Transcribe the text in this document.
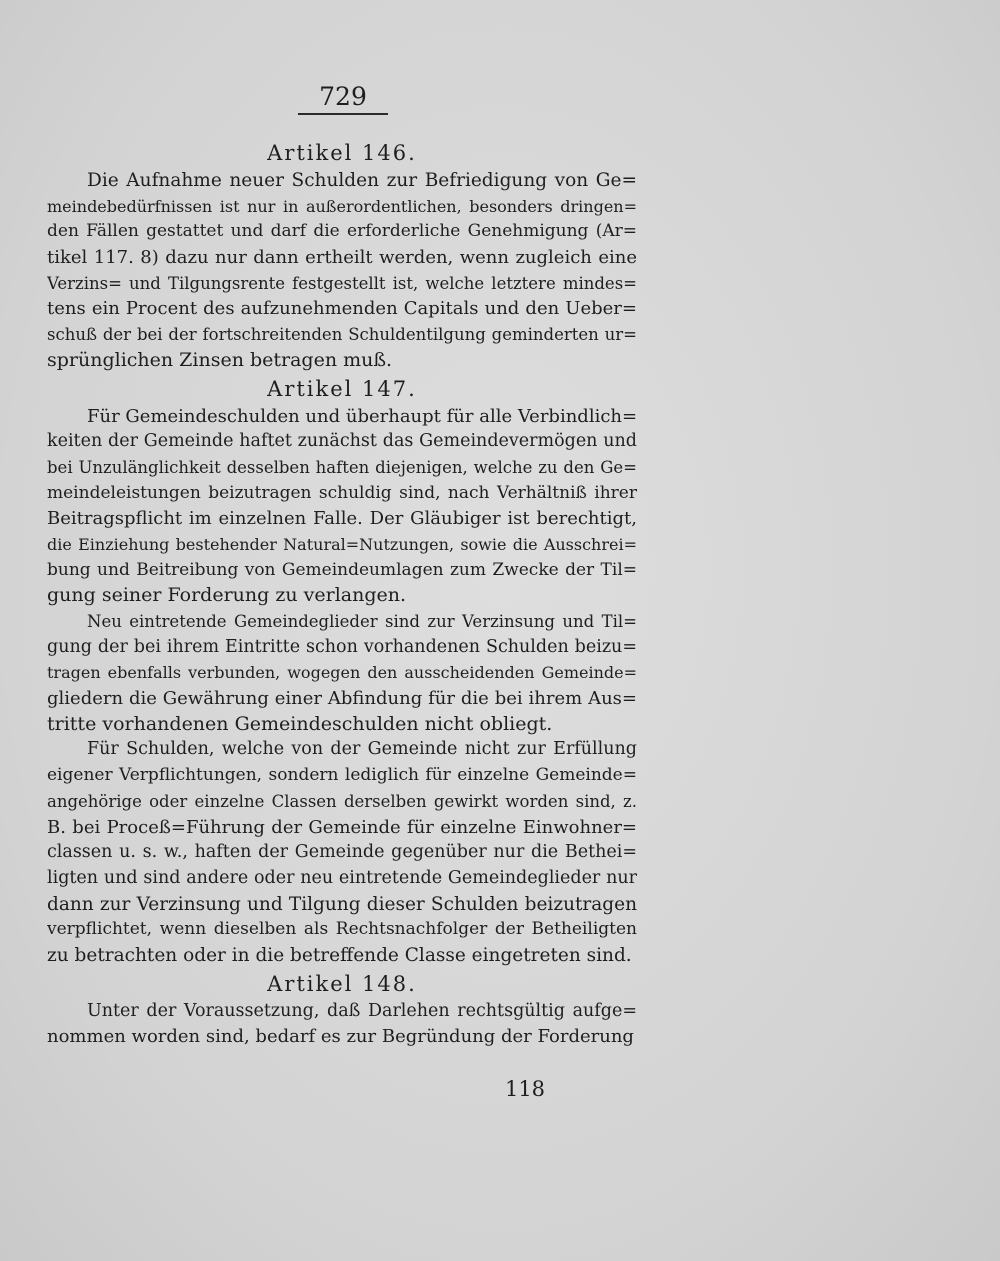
729
Artikel 146.
Die Aufnahme neuer Schulden zur Befriedigung von Ge=
meindebedürfnissen ist nur in außerordentlichen, besonders dringen=
den Fällen gestattet und darf die erforderliche Genehmigung (Ar=
tikel 117. 8) dazu nur dann ertheilt werden, wenn zugleich eine
Verzins= und Tilgungsrente festgestellt ist, welche letztere mindes=
tens ein Procent des aufzunehmenden Capitals und den Ueber=
schuß der bei der fortschreitenden Schuldentilgung geminderten ur=
sprünglichen Zinsen betragen muß.
Artikel 147.
Für Gemeindeschulden und überhaupt für alle Verbindlich=
keiten der Gemeinde haftet zunächst das Gemeindevermögen und
bei Unzulänglichkeit desselben haften diejenigen, welche zu den Ge=
meindeleistungen beizutragen schuldig sind, nach Verhältniß ihrer
Beitragspflicht im einzelnen Falle. Der Gläubiger ist berechtigt,
die Einziehung bestehender Natural=Nutzungen, sowie die Ausschrei=
bung und Beitreibung von Gemeindeumlagen zum Zwecke der Til=
gung seiner Forderung zu verlangen.
Neu eintretende Gemeindeglieder sind zur Verzinsung und Til=
gung der bei ihrem Eintritte schon vorhandenen Schulden beizu=
tragen ebenfalls verbunden, wogegen den ausscheidenden Gemeinde=
gliedern die Gewährung einer Abfindung für die bei ihrem Aus=
tritte vorhandenen Gemeindeschulden nicht obliegt.
Für Schulden, welche von der Gemeinde nicht zur Erfüllung
eigener Verpflichtungen, sondern lediglich für einzelne Gemeinde=
angehörige oder einzelne Classen derselben gewirkt worden sind, z.
B. bei Proceß=Führung der Gemeinde für einzelne Einwohner=
classen u. s. w., haften der Gemeinde gegenüber nur die Bethei=
ligten und sind andere oder neu eintretende Gemeindeglieder nur
dann zur Verzinsung und Tilgung dieser Schulden beizutragen
verpflichtet, wenn dieselben als Rechtsnachfolger der Betheiligten
zu betrachten oder in die betreffende Classe eingetreten sind.
Artikel 148.
Unter der Voraussetzung, daß Darlehen rechtsgültig aufge=
nommen worden sind, bedarf es zur Begründung der Forderung
118
